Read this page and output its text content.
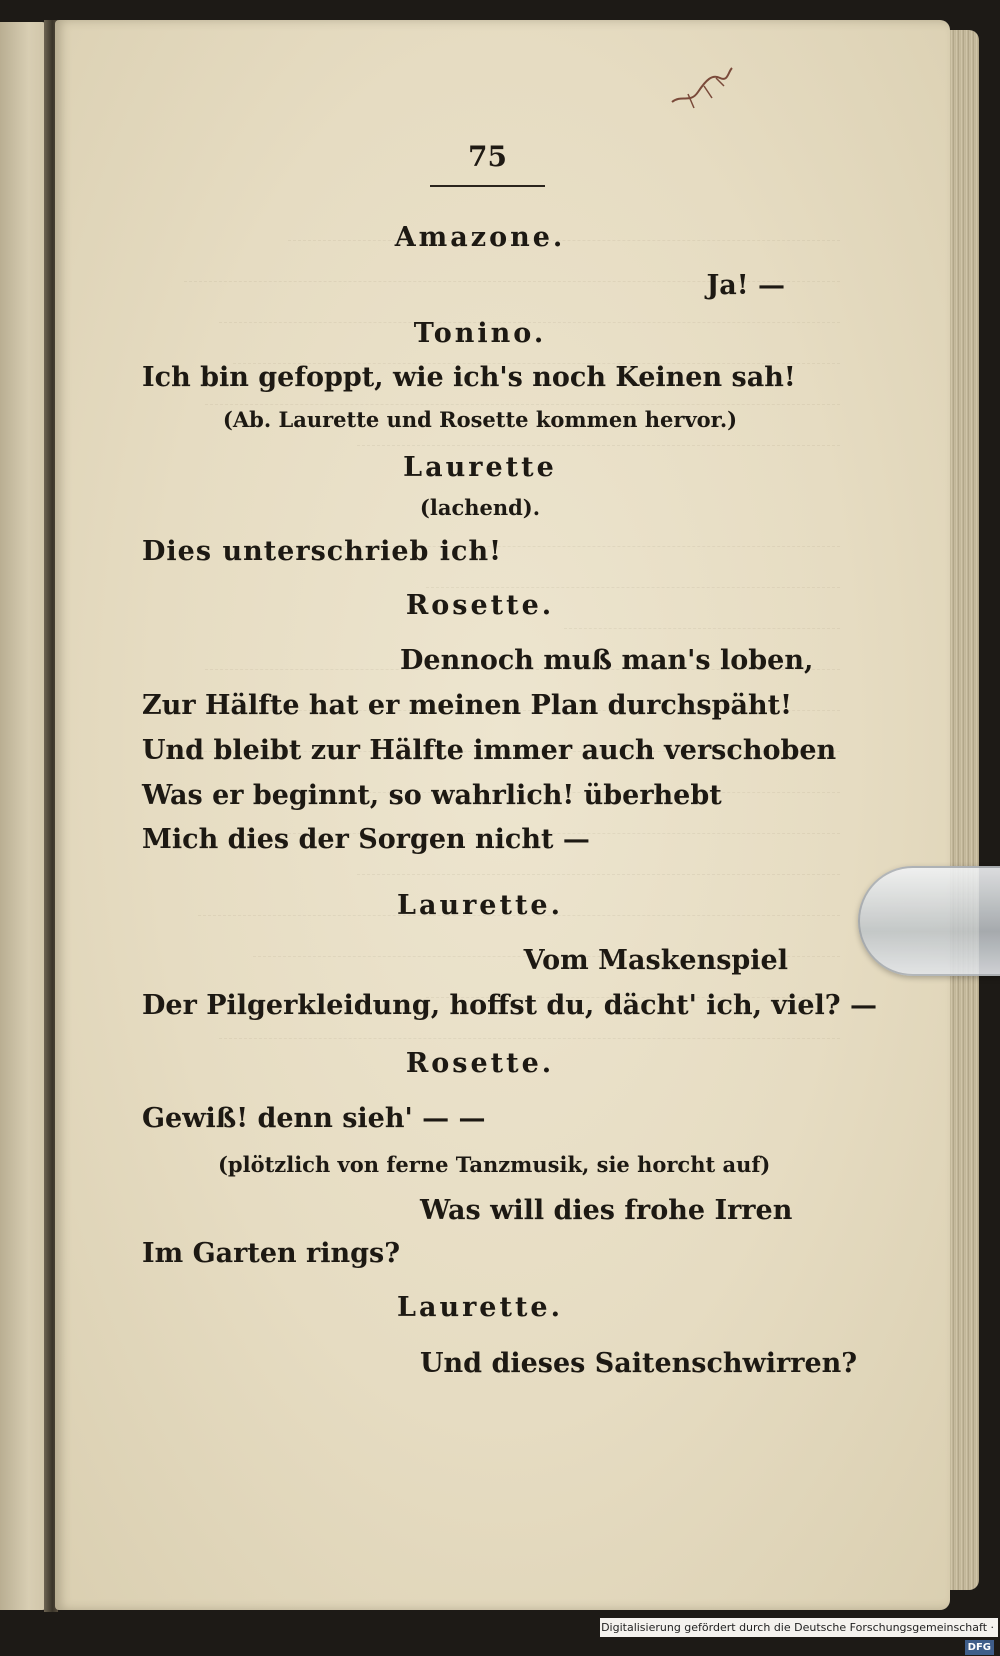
75
Amazone.
Ja! —
Tonino.
Ich bin gefoppt, wie ich's noch Keinen sah!
(Ab. Laurette und Rosette kommen hervor.)
Laurette
(lachend).
Dies unterschrieb ich!
Rosette.
Dennoch muß man's loben,
Zur Hälfte hat er meinen Plan durchspäht!
Und bleibt zur Hälfte immer auch verschoben
Was er beginnt, so wahrlich! überhebt
Mich dies der Sorgen nicht —
Laurette.
Vom Maskenspiel
Der Pilgerkleidung, hoffst du, dächt' ich, viel? —
Rosette.
Gewiß! denn sieh' — —
(plötzlich von ferne Tanzmusik, sie horcht auf)
Was will dies frohe Irren
Im Garten rings?
Laurette.
Und dieses Saitenschwirren?
Digitalisierung gefördert durch die Deutsche Forschungsgemeinschaft ·DFG
